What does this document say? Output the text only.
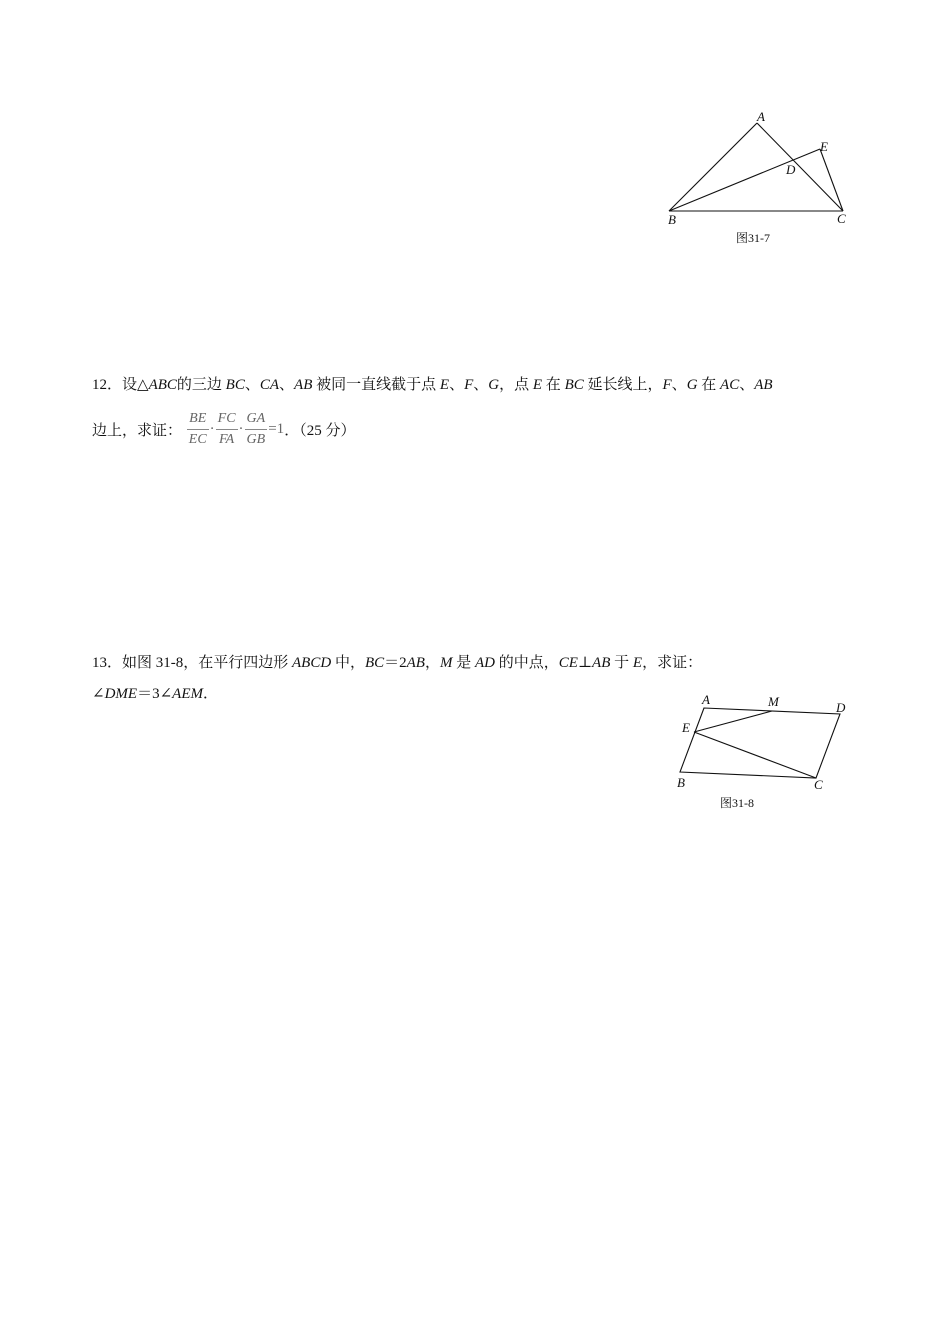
A
B	C
D
E
图31-7
12．设△ABC的三边 BC、CA、AB 被同一直线截于点 E、F、G，点 E 在 BC 延长线上，F、G 在 AC、AB
边上，求证： $\frac{BE}{EC} \cdot \frac{FC}{FA} \cdot \frac{GA}{GB} =1$．（25 分）
13．如图 31-8，在平行四边形 ABCD 中，BC＝2AB，M 是 AD 的中点，CE⊥AB 于 E，求证：
∠DME＝3∠AEM．	A	M	D
E
B	C
图31-8
